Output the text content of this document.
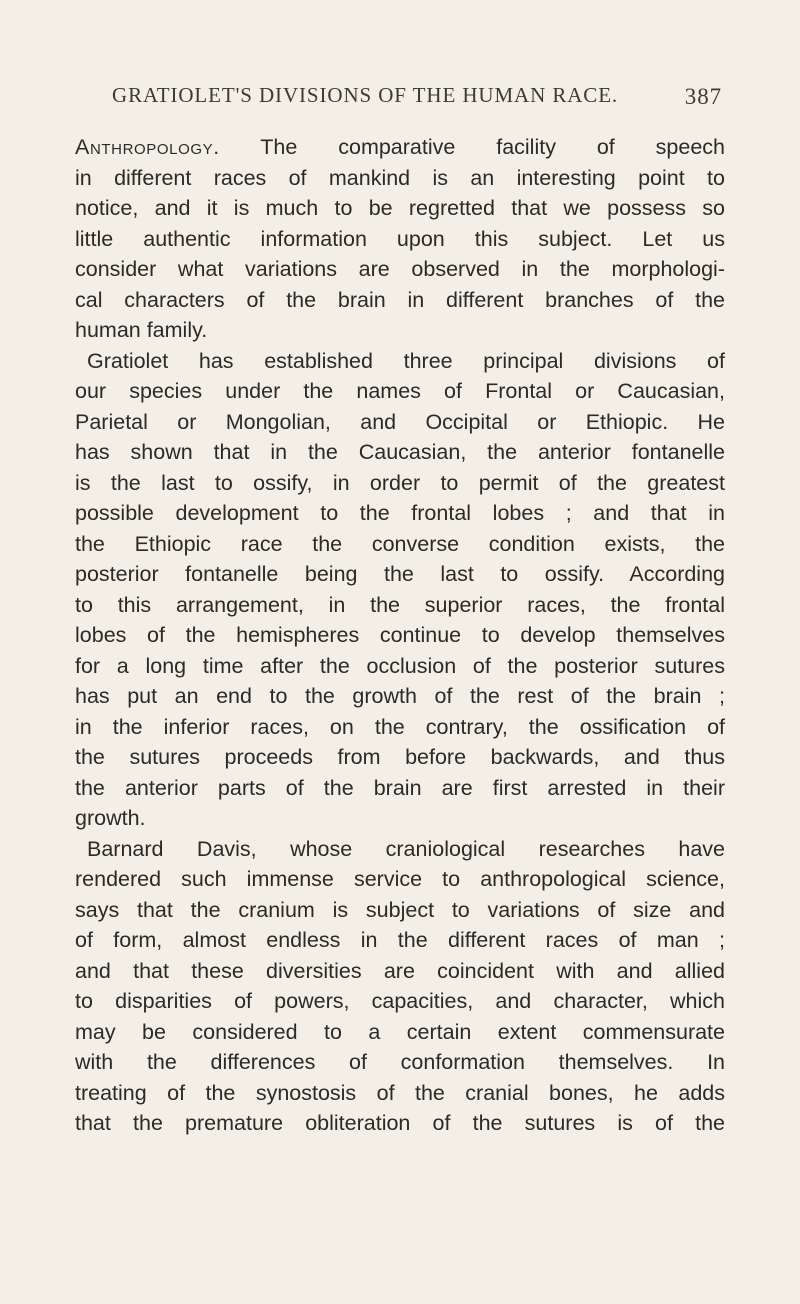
GRATIOLET'S DIVISIONS OF THE HUMAN RACE.	387
Anthropology. The comparative facility of speech
in different races of mankind is an interesting point to
notice, and it is much to be regretted that we possess so
little authentic information upon this subject. Let us
consider what variations are observed in the morphologi-
cal characters of the brain in different branches of the
human family.
Gratiolet has established three principal divisions of
our species under the names of Frontal or Caucasian,
Parietal or Mongolian, and Occipital or Ethiopic. He
has shown that in the Caucasian, the anterior fontanelle
is the last to ossify, in order to permit of the greatest
possible development to the frontal lobes ; and that in
the Ethiopic race the converse condition exists, the
posterior fontanelle being the last to ossify. According
to this arrangement, in the superior races, the frontal
lobes of the hemispheres continue to develop themselves
for a long time after the occlusion of the posterior sutures
has put an end to the growth of the rest of the brain ;
in the inferior races, on the contrary, the ossification of
the sutures proceeds from before backwards, and thus
the anterior parts of the brain are first arrested in their
growth.
Barnard Davis, whose craniological researches have
rendered such immense service to anthropological science,
says that the cranium is subject to variations of size and
of form, almost endless in the different races of man ;
and that these diversities are coincident with and allied
to disparities of powers, capacities, and character, which
may be considered to a certain extent commensurate
with the differences of conformation themselves. In
treating of the synostosis of the cranial bones, he adds
that the premature obliteration of the sutures is of the
